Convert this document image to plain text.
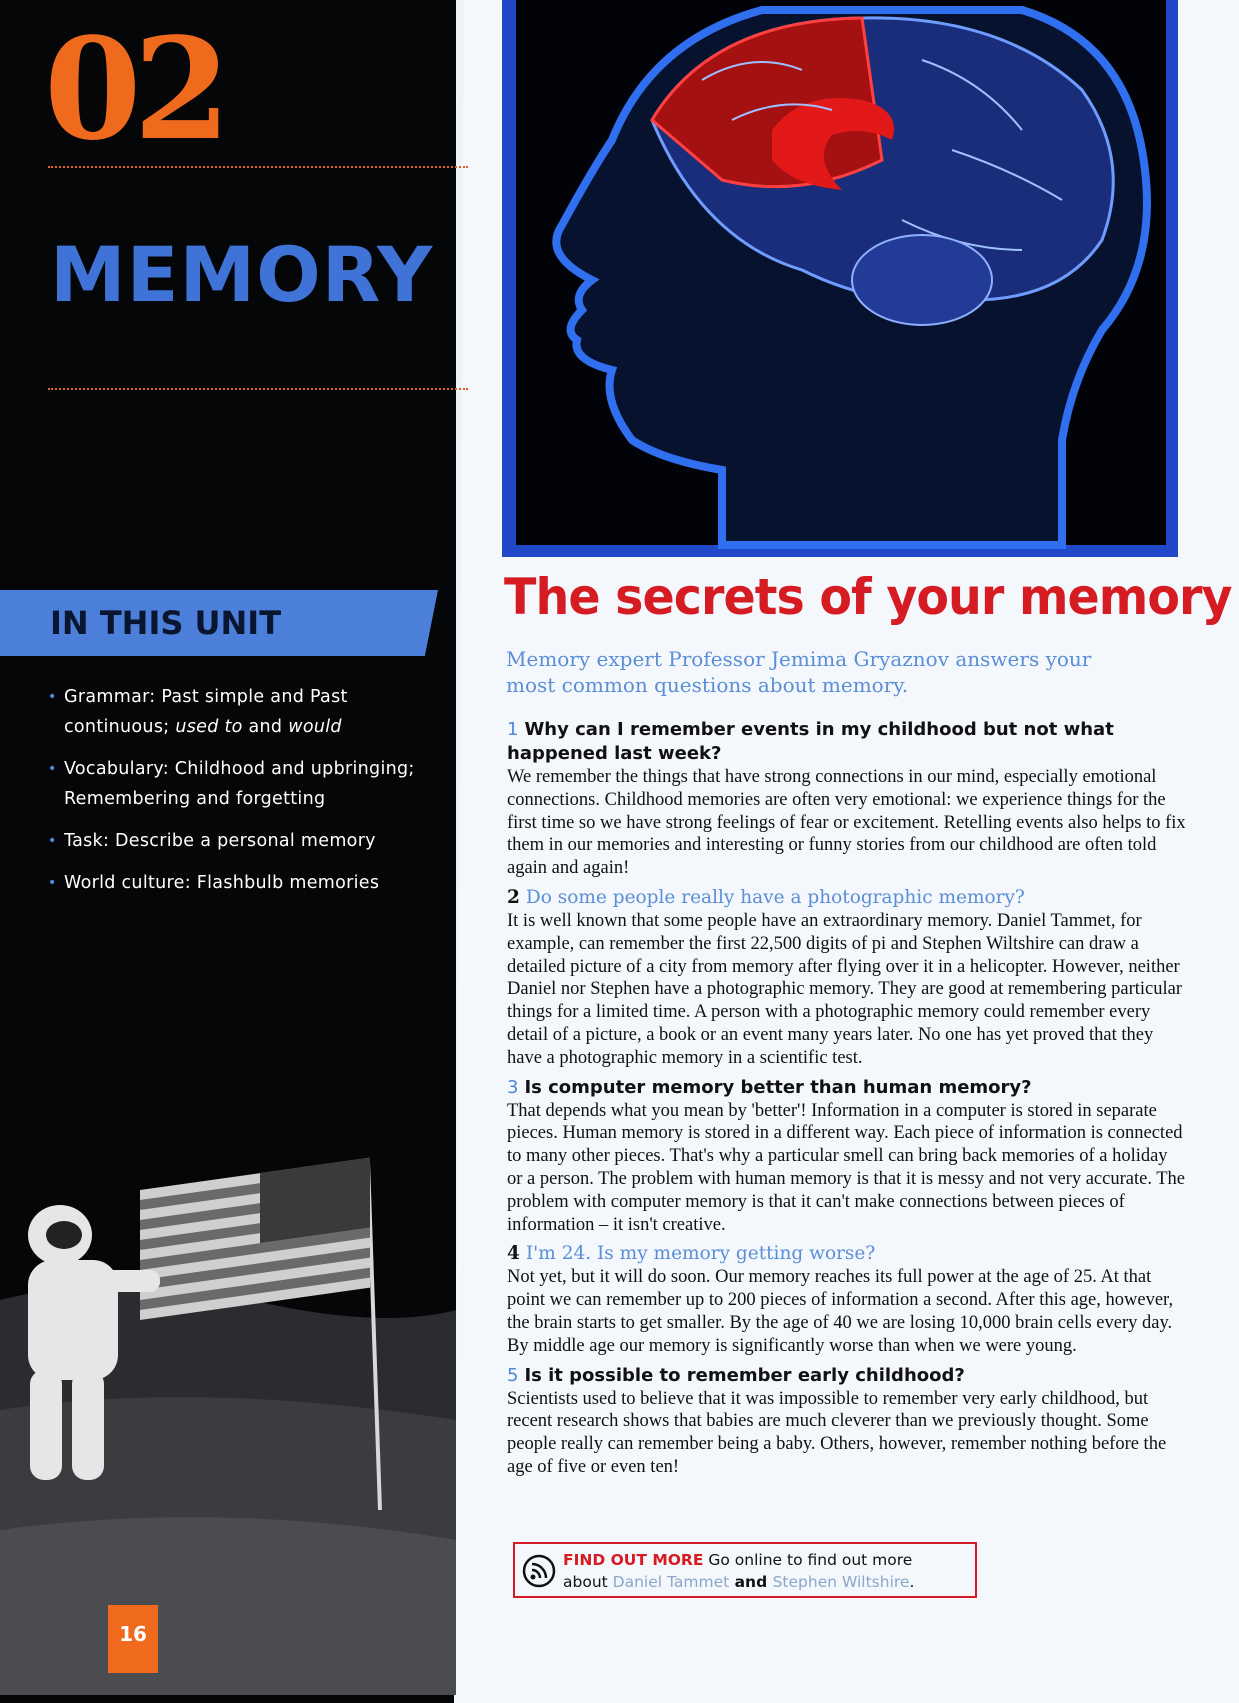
02
MEMORY
IN THIS UNIT
• Grammar: Past simple and Past continuous; used to and would
• Vocabulary: Childhood and upbringing; Remembering and forgetting
• Task: Describe a personal memory
• World culture: Flashbulb memories
16
The secrets of your memory
Memory expert Professor Jemima Gryaznov answers your most common questions about memory.
1 Why can I remember events in my childhood but not what happened last week?

We remember the things that have strong connections in our mind, especially emotional connections. Childhood memories are often very emotional: we experience things for the first time so we have strong feelings of fear or excitement. Retelling events also helps to fix them in our memories and interesting or funny stories from our childhood are often told again and again!

2 Do some people really have a photographic memory?

It is well known that some people have an extraordinary memory. Daniel Tammet, for example, can remember the first 22,500 digits of pi and Stephen Wiltshire can draw a detailed picture of a city from memory after flying over it in a helicopter. However, neither Daniel nor Stephen have a photographic memory. They are good at remembering particular things for a limited time. A person with a photographic memory could remember every detail of a picture, a book or an event many years later. No one has yet proved that they have a photographic memory in a scientific test.

3 Is computer memory better than human memory?

That depends what you mean by 'better'! Information in a computer is stored in separate pieces. Human memory is stored in a different way. Each piece of information is connected to many other pieces. That's why a particular smell can bring back memories of a holiday or a person. The problem with human memory is that it is messy and not very accurate. The problem with computer memory is that it can't make connections between pieces of information – it isn't creative.

4 I'm 24. Is my memory getting worse?

Not yet, but it will do soon. Our memory reaches its full power at the age of 25. At that point we can remember up to 200 pieces of information a second. After this age, however, the brain starts to get smaller. By the age of 40 we are losing 10,000 brain cells every day. By middle age our memory is significantly worse than when we were young.

5 Is it possible to remember early childhood?

Scientists used to believe that it was impossible to remember very early childhood, but recent research shows that babies are much cleverer than we previously thought. Some people really can remember being a baby. Others, however, remember nothing before the age of five or even ten!

FIND OUT MORE Go online to find out more
about Daniel Tammet and Stephen Wiltshire.
